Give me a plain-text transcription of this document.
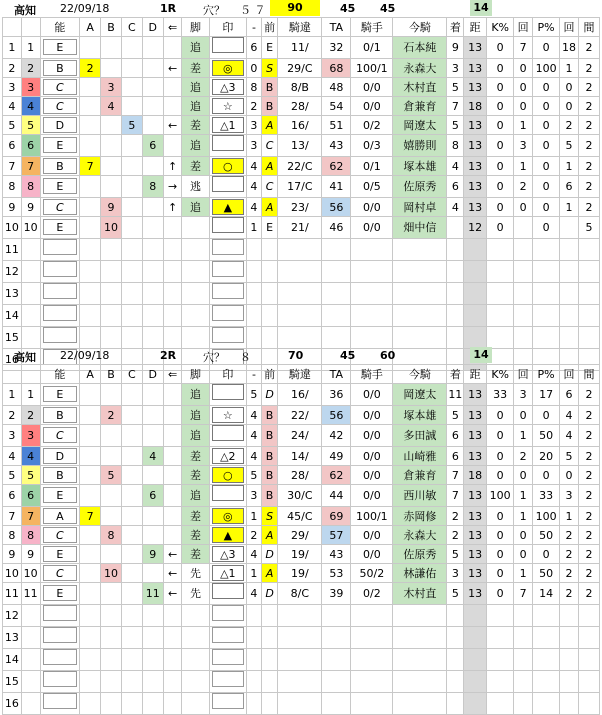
高知 22/09/18	1R 穴？ ５ ７	90	45 45	14
		能	A	B	C	D	⇐	脚	印	-	前	騎違	TA	騎手	今騎	着	距	K%	回	P%	回	間
1	1	E						追		6	E	11/	32	0/1	石本純	9	13	0	7	0	18	2
2	2	B	2				←	差	◎	0	S	29/C	68	100/1	永森大	3	13	0	0	100	1	2
3	3	C		3				追	△3	8	B	8/B	48	0/0	木村直	5	13	0	0	0	0	2
4	4	C		4				追	☆	2	B	28/	54	0/0	倉兼育	7	18	0	0	0	0	2
5	5	D			5		←	差	△1	3	A	16/	51	0/2	岡遼太	5	13	0	1	0	2	2
6	6	E				6		追		3	C	13/	43	0/3	嬉勝則	8	13	0	3	0	5	2
7	7	B	7				↑	差	○	4	A	22/C	62	0/1	塚本雄	4	13	0	1	0	1	2
8	8	E				8	→	逃		4	C	17/C	41	0/5	佐原秀	6	13	0	2	0	6	2
9	9	C		9			↑	追	▲	4	A	23/	56	0/0	岡村卓	4	13	0	0	0	1	2
10	10	E		10						1	E	21/	46	0/0	畑中信		12	0		0		5
11																						
12																						
13																						
14																						
15																						
16																						
高知 22/09/18	2R 穴？ ８	70	45 60	14
		能	A	B	C	D	⇐	脚	印	-	前	騎違	TA	騎手	今騎	着	距	K%	回	P%	回	間
1	1	E						追		5	D	16/	36	0/0	岡遼太	11	13	33	3	17	6	2
2	2	B		2				追	☆	4	B	22/	56	0/0	塚本雄	5	13	0	0	0	4	2
3	3	C						追		4	B	24/	42	0/0	多田誠	6	13	0	1	50	4	2
4	4	D				4		差	△2	4	B	14/	49	0/0	山崎雅	6	13	0	2	20	5	2
5	5	B		5				差	○	5	B	28/	62	0/0	倉兼育	7	18	0	0	0	0	2
6	6	E				6		追		3	B	30/C	44	0/0	西川敏	7	13	100	1	33	3	2
7	7	A	7					差	◎	1	S	45/C	69	100/1	赤岡修	2	13	0	1	100	1	2
8	8	C		8				差	▲	2	A	29/	57	0/0	永森大	2	13	0	0	50	2	2
9	9	E				9	←	差	△3	4	D	19/	43	0/0	佐原秀	5	13	0	0	0	2	2
10	10	C		10			←	先	△1	1	A	19/	53	50/2	林謙佑	3	13	0	1	50	2	2
11	11	E				11	←	先		4	D	8/C	39	0/2	木村直	5	13	0	7	14	2	2
12																						
13																						
14																						
15																						
16																						
